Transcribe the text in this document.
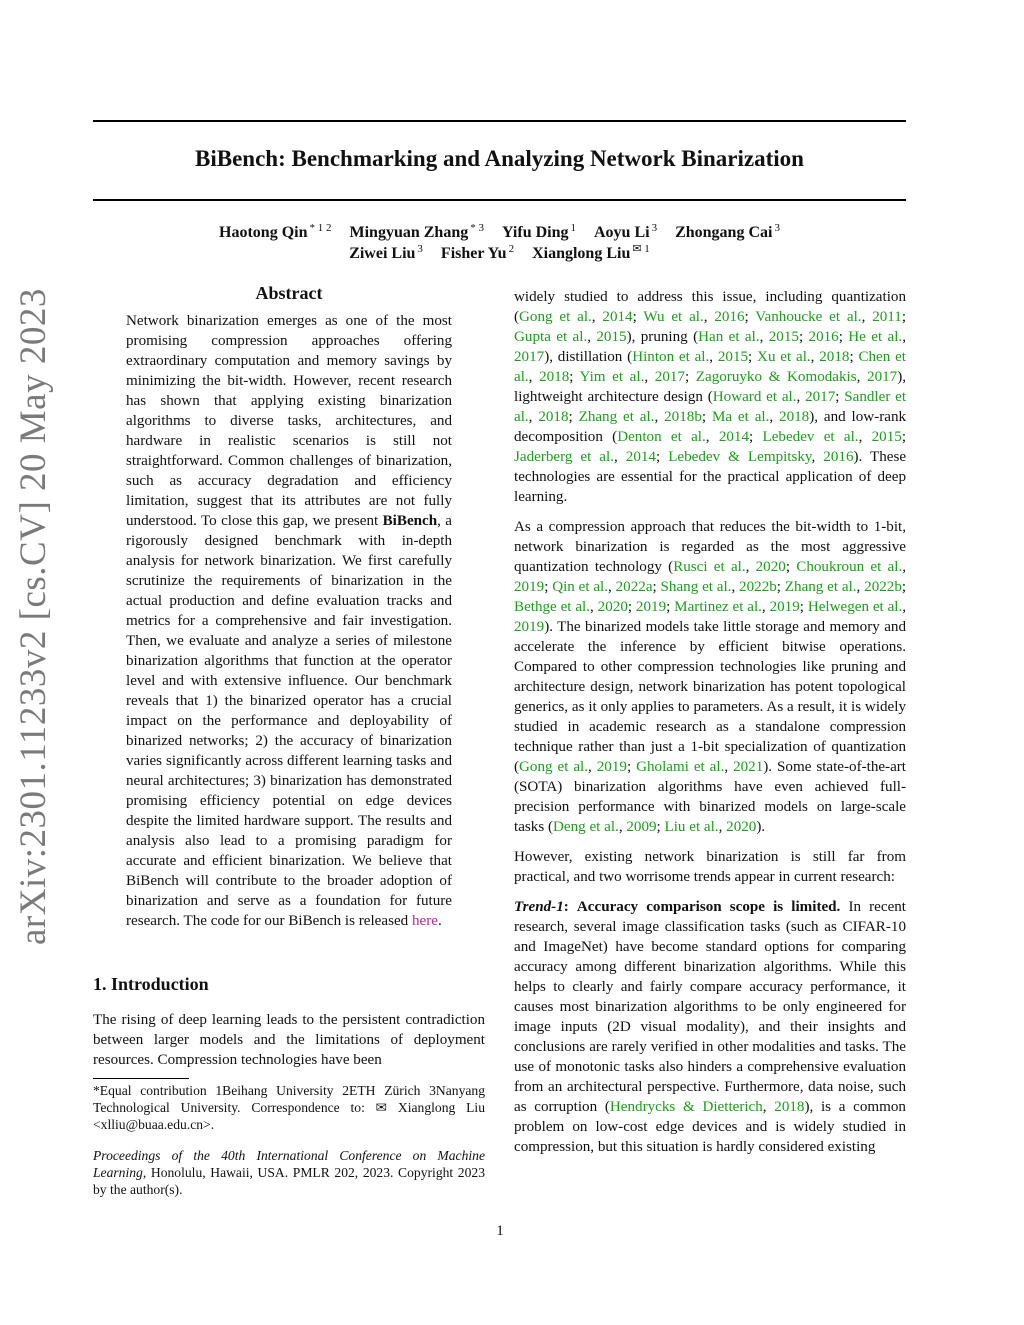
BiBench: Benchmarking and Analyzing Network Binarization
Haotong Qin $^{* 1 2}$ Mingyuan Zhang $^{* 3}$ Yifu Ding $^1$ Aoyu Li $^3$ Zhongang Cai $^3$
Ziwei Liu $^3$ Fisher Yu $^2$ Xianglong Liu $^{✉ 1}$
arXiv:2301.11233v2 [cs.CV] 20 May 2023	Abstract

Network binarization emerges as one of the most promising compression approaches offering extraordinary computation and memory savings by minimizing the bit-width. However, recent research has shown that applying existing binarization algorithms to diverse tasks, architectures, and hardware in realistic scenarios is still not straightforward. Common challenges of binarization, such as accuracy degradation and efficiency limitation, suggest that its attributes are not fully understood. To close this gap, we present BiBench, a rigorously designed benchmark with in-depth analysis for network binarization. We first carefully scrutinize the requirements of binarization in the actual production and define evaluation tracks and metrics for a comprehensive and fair investigation. Then, we evaluate and analyze a series of milestone binarization algorithms that function at the operator level and with extensive influence. Our benchmark reveals that 1) the binarized operator has a crucial impact on the performance and deployability of binarized networks; 2) the accuracy of binarization varies significantly across different learning tasks and neural architectures; 3) binarization has demonstrated promising efficiency potential on edge devices despite the limited hardware support. The results and analysis also lead to a promising paradigm for accurate and efficient binarization. We believe that BiBench will contribute to the broader adoption of binarization and serve as a foundation for future research. The code for our BiBench is released here.

1. Introduction

The rising of deep learning leads to the persistent contradiction between larger models and the limitations of deployment resources. Compression technologies have been

*Equal contribution 1Beihang University 2ETH Zürich 3Nanyang Technological University. Correspondence to: ✉ Xianglong Liu <xlliu@buaa.edu.cn>.

Proceedings of the 40th International Conference on Machine Learning, Honolulu, Hawaii, USA. PMLR 202, 2023. Copyright 2023 by the author(s).

widely studied to address this issue, including quantization (Gong et al., 2014; Wu et al., 2016; Vanhoucke et al., 2011; Gupta et al., 2015), pruning (Han et al., 2015; 2016; He et al., 2017), distillation (Hinton et al., 2015; Xu et al., 2018; Chen et al., 2018; Yim et al., 2017; Zagoruyko & Komodakis, 2017), lightweight architecture design (Howard et al., 2017; Sandler et al., 2018; Zhang et al., 2018b; Ma et al., 2018), and low-rank decomposition (Denton et al., 2014; Lebedev et al., 2015; Jaderberg et al., 2014; Lebedev & Lempitsky, 2016). These technologies are essential for the practical application of deep learning.

As a compression approach that reduces the bit-width to 1-bit, network binarization is regarded as the most aggressive quantization technology (Rusci et al., 2020; Choukroun et al., 2019; Qin et al., 2022a; Shang et al., 2022b; Zhang et al., 2022b; Bethge et al., 2020; 2019; Martinez et al., 2019; Helwegen et al., 2019). The binarized models take little storage and memory and accelerate the inference by efficient bitwise operations. Compared to other compression technologies like pruning and architecture design, network binarization has potent topological generics, as it only applies to parameters. As a result, it is widely studied in academic research as a standalone compression technique rather than just a 1-bit specialization of quantization (Gong et al., 2019; Gholami et al., 2021). Some state-of-the-art (SOTA) binarization algorithms have even achieved full-precision performance with binarized models on large-scale tasks (Deng et al., 2009; Liu et al., 2020).

However, existing network binarization is still far from practical, and two worrisome trends appear in current research:

Trend-1: Accuracy comparison scope is limited. In recent research, several image classification tasks (such as CIFAR-10 and ImageNet) have become standard options for comparing accuracy among different binarization algorithms. While this helps to clearly and fairly compare accuracy performance, it causes most binarization algorithms to be only engineered for image inputs (2D visual modality), and their insights and conclusions are rarely verified in other modalities and tasks. The use of monotonic tasks also hinders a comprehensive evaluation from an architectural perspective. Furthermore, data noise, such as corruption (Hendrycks & Dietterich, 2018), is a common problem on low-cost edge devices and is widely studied in compression, but this situation is hardly considered existing

1
